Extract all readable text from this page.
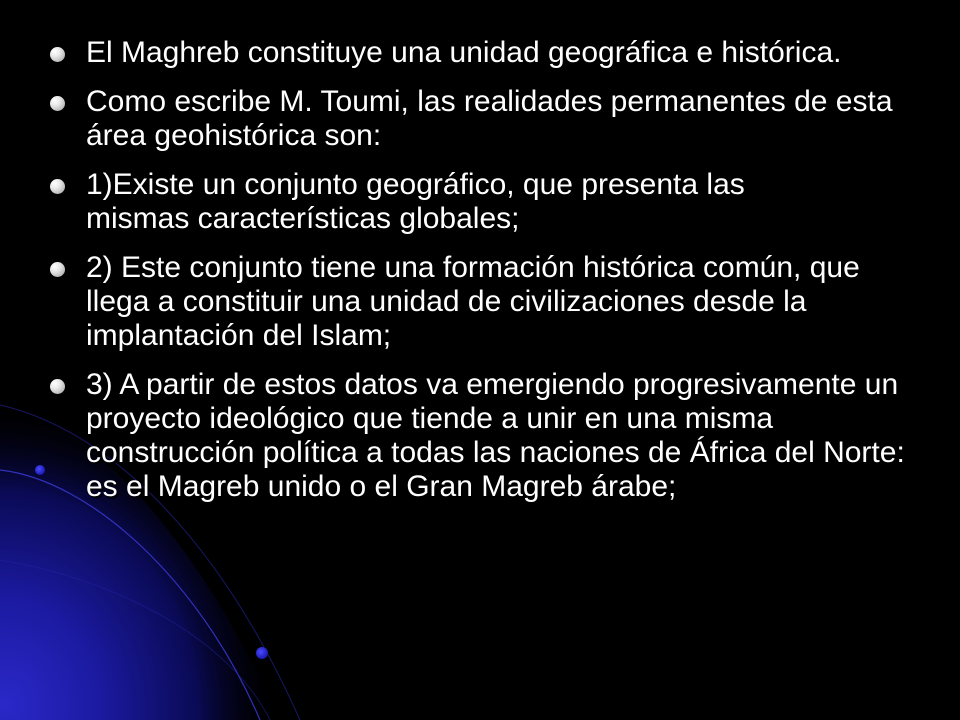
El Maghreb constituye una unidad geográfica e histórica.
Como escribe M. Toumi, las realidades permanentes de esta área geohistórica son:
1)Existe un conjunto geográfico, que presenta las mismas características globales;
2) Este conjunto tiene una formación histórica común, que llega a constituir una unidad de civilizaciones desde la implantación del Islam;
3) A partir de estos datos va emergiendo progresivamente un proyecto ideológico que tiende a unir en una misma construcción política a todas las naciones de África del Norte: es el Magreb unido o el Gran Magreb árabe;
